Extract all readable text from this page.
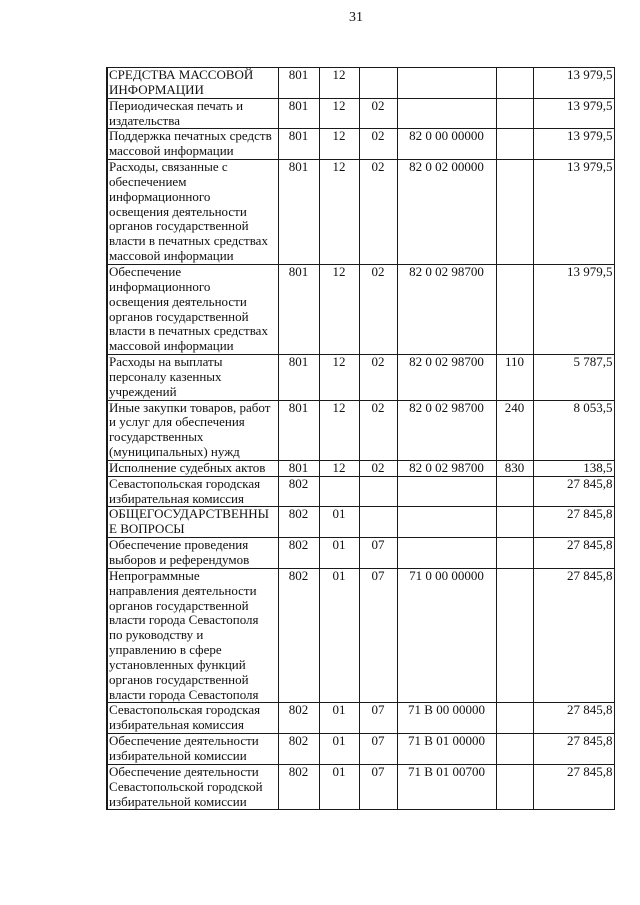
31
СРЕДСТВА МАССОВОЙ ИНФОРМАЦИИ	801	12				13 979,5

Периодическая печать и издательства	801	12	02			13 979,5

Поддержка печатных средств массовой информации	801	12	02	82 0 00 00000		13 979,5

Расходы, связанные с обеспечением информационного освещения деятельности органов государственной власти в печатных средствах массовой информации	801	12	02	82 0 02 00000		13 979,5

Обеспечение информационного освещения деятельности органов государственной власти в печатных средствах массовой информации	801	12	02	82 0 02 98700		13 979,5

Расходы на выплаты персоналу казенных учреждений	801	12	02	82 0 02 98700	110	5 787,5

Иные закупки товаров, работ и услуг для обеспечения государственных (муниципальных) нужд	801	12	02	82 0 02 98700	240	8 053,5

Исполнение судебных актов	801	12	02	82 0 02 98700	830	138,5

Севастопольская городская избирательная комиссия	802					27 845,8

ОБЩЕГОСУДАРСТВЕННЫЕ ВОПРОСЫ	802	01				27 845,8

Обеспечение проведения выборов и референдумов	802	01	07			27 845,8

Непрограммные направления деятельности органов государственной власти города Севастополя по руководству и управлению в сфере установленных функций органов государственной власти города Севастополя	802	01	07	71 0 00 00000		27 845,8

Севастопольская городская избирательная комиссия	802	01	07	71 В 00 00000		27 845,8

Обеспечение деятельности избирательной комиссии	802	01	07	71 В 01 00000		27 845,8

Обеспечение деятельности Севастопольской городской избирательной комиссии	802	01	07	71 В 01 00700		27 845,8
